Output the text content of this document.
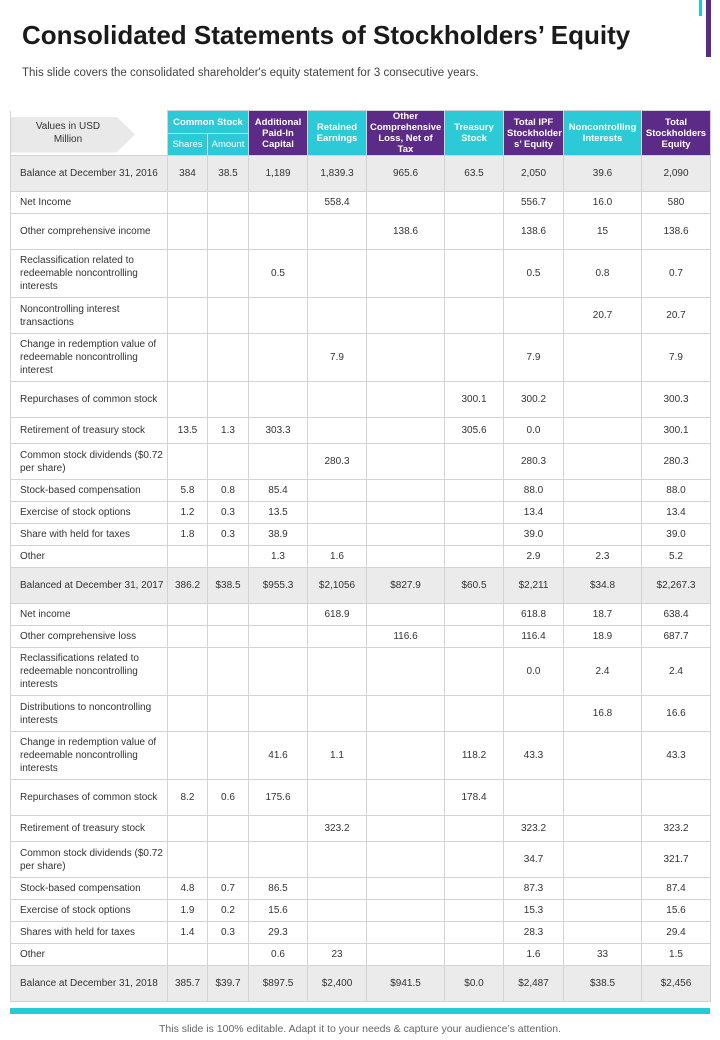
Consolidated Statements of Stockholders’ Equity
This slide covers the consolidated shareholder's equity statement for 3 consecutive years.
Values in USD Million	Common Stock		Additional Paid-In Capital	Retained Earnings	Other Comprehensive Loss, Net of Tax	Treasury Stock	Total IPF Stockholder s’ Equity	Noncontrolling Interests	Total Stockholders Equity
	Shares	Amount							
Balance at December 31, 2016	384	38.5	1,189	1,839.3	965.6	63.5	2,050	39.6	2,090
Net Income				558.4			556.7	16.0	580
Other comprehensive income					138.6		138.6	15	138.6
Reclassification related to redeemable noncontrolling interests			0.5				0.5	0.8	0.7
Noncontrolling interest transactions								20.7	20.7
Change in redemption value of redeemable noncontrolling interest				7.9			7.9		7.9
Repurchases of common stock						300.1	300.2		300.3
Retirement of treasury stock	13.5	1.3	303.3			305.6	0.0		300.1
Common stock dividends ($0.72 per share)				280.3			280.3		280.3
Stock-based compensation	5.8	0.8	85.4				88.0		88.0
Exercise of stock options	1.2	0.3	13.5				13.4		13.4
Share with held for taxes	1.8	0.3	38.9				39.0		39.0
Other			1.3	1.6			2.9	2.3	5.2
Balanced at December 31, 2017	386.2	$38.5	$955.3	$2,1056	$827.9	$60.5	$2,211	$34.8	$2,267.3
Net income				618.9			618.8	18.7	638.4
Other comprehensive loss					116.6		116.4	18.9	687.7
Reclassifications related to redeemable noncontrolling interests							0.0	2.4	2.4
Distributions to noncontrolling interests								16.8	16.6
Change in redemption value of redeemable noncontrolling interests			41.6	1.1		118.2	43.3		43.3
Repurchases of common stock	8.2	0.6	175.6			178.4			
Retirement of treasury stock				323.2			323.2		323.2
Common stock dividends ($0.72 per share)							34.7		321.7
Stock-based compensation	4.8	0.7	86.5				87.3		87.4
Exercise of stock options	1.9	0.2	15.6				15.3		15.6
Shares with held for taxes	1.4	0.3	29.3				28.3		29.4
Other			0.6	23			1.6	33	1.5
Balance at December 31, 2018	385.7	$39.7	$897.5	$2,400	$941.5	$0.0	$2,487	$38.5	$2,456
This slide is 100% editable. Adapt it to your needs & capture your audience’s attention.
